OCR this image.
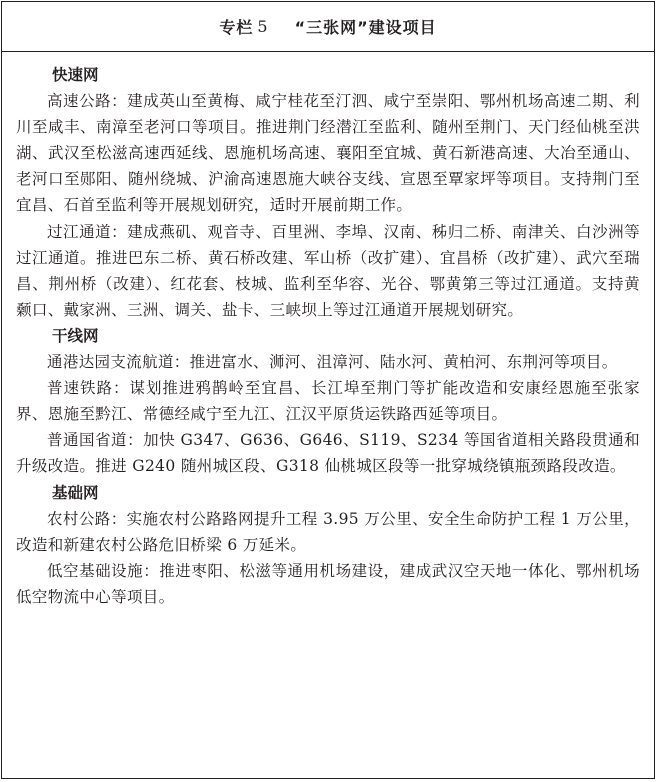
专栏 5 “三张网”建设项目

快速网

高速公路：建成英山至黄梅、咸宁桂花至汀泗、咸宁至崇阳、鄂州机场高速二期、利川至咸丰、南漳至老河口等项目。推进荆门经潜江至监利、随州至荆门、天门经仙桃至洪湖、武汉至松滋高速西延线、恩施机场高速、襄阳至宜城、黄石新港高速、大冶至通山、老河口至郧阳、随州绕城、沪渝高速恩施大峡谷支线、宣恩至覃家坪等项目。支持荆门至宜昌、石首至监利等开展规划研究，适时开展前期工作。

过江通道：建成燕矶、观音寺、百里洲、李埠、汉南、秭归二桥、南津关、白沙洲等过江通道。推进巴东二桥、黄石桥改建、军山桥（改扩建）、宜昌桥（改扩建）、武穴至瑞昌、荆州桥（改建）、红花套、枝城、监利至华容、光谷、鄂黄第三等过江通道。支持黄颡口、戴家洲、三洲、调关、盐卡、三峡坝上等过江通道开展规划研究。

干线网

通港达园支流航道：推进富水、浉河、沮漳河、陆水河、黄柏河、东荆河等项目。

普速铁路：谋划推进鸦鹊岭至宜昌、长江埠至荆门等扩能改造和安康经恩施至张家界、恩施至黔江、常德经咸宁至九江、江汉平原货运铁路西延等项目。

普通国省道：加快 G347、G636、G646、S119、S234 等国省道相关路段贯通和升级改造。推进 G240 随州城区段、G318 仙桃城区段等一批穿城绕镇瓶颈路段改造。

基础网

农村公路：实施农村公路路网提升工程 3.95 万公里、安全生命防护工程 1 万公里，改造和新建农村公路危旧桥梁 6 万延米。

低空基础设施：推进枣阳、松滋等通用机场建设，建成武汉空天地一体化、鄂州机场低空物流中心等项目。
